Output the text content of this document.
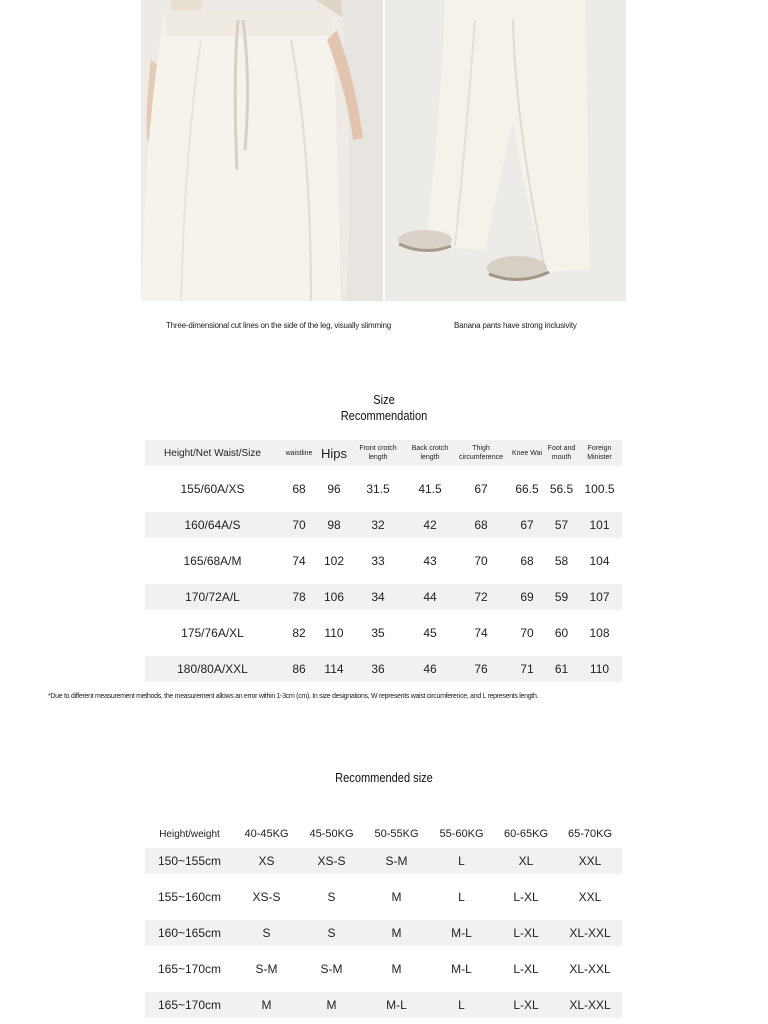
Three-dimensional cut lines on the side of the leg, visually slimming	Banana pants have strong inclusivity
Size
Recommendation
Height/Net Waist/Size	waistline	Hips	Front crotch length	Back crotch length	Thigh circumference	Knee Wai	Foot and mouth	Foreign Minister
155/60A/XS	68	96	31.5	41.5	67	66.5	56.5	100.5
160/64A/S	70	98	32	42	68	67	57	101
165/68A/M	74	102	33	43	70	68	58	104
170/72A/L	78	106	34	44	72	69	59	107
175/76A/XL	82	110	35	45	74	70	60	108
180/80A/XXL	86	114	36	46	76	71	61	110
*Due to different measurement methods, the measurement allows an error within 1-3cm (cm). In size designations, W represents waist circumference, and L represents length.
Recommended size
Height/weight	40-45KG	45-50KG	50-55KG	55-60KG	60-65KG	65-70KG
150~155cm	XS	XS-S	S-M	L	XL	XXL
155~160cm	XS-S	S	M	L	L-XL	XXL
160~165cm	S	S	M	M-L	L-XL	XL-XXL
165~170cm	S-M	S-M	M	M-L	L-XL	XL-XXL
165~170cm	M	M	M-L	L	L-XL	XL-XXL
